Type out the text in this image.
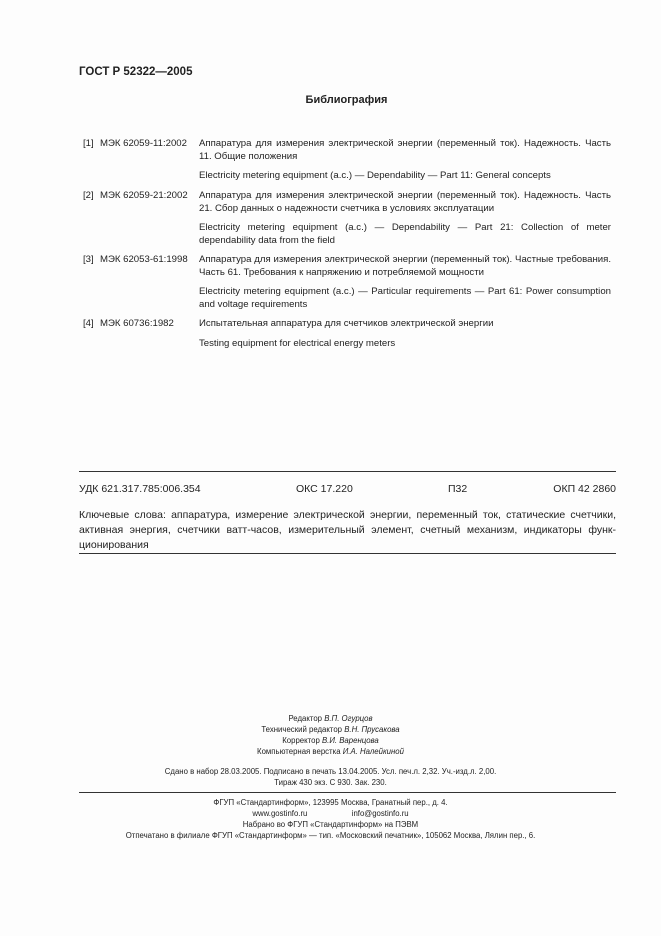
ГОСТ Р 52322—2005
Библиография
[1] МЭК 62059-11:2002 Аппаратура для измерения электрической энергии (переменный ток). Надежность. Часть 11. Общие положения
Electricity metering equipment (a.c.) — Dependability — Part 11: General concepts
[2] МЭК 62059-21:2002 Аппаратура для измерения электрической энергии (переменный ток). Надежность. Часть 21. Сбор данных о надежности счетчика в условиях эксплуатации
Electricity metering equipment (a.c.) — Dependability — Part 21: Collection of meter dependability data from the field
[3] МЭК 62053-61:1998 Аппаратура для измерения электрической энергии (переменный ток). Частные требования. Часть 61. Требования к напряжению и потребляемой мощности
Electricity metering equipment (a.c.) — Particular requirements — Part 61: Power consumption and voltage requirements
[4] МЭК 60736:1982	Испытательная аппаратура для счетчиков электрической энергии
Testing equipment for electrical energy meters
УДК 621.317.785:006.354	ОКС 17.220	П32	ОКП 42 2860
Ключевые слова: аппаратура, измерение электрической энергии, переменный ток, статические счетчики, активная энергия, счетчики ватт-часов, измерительный элемент, счетный механизм, индикаторы функ-ционирования
Редактор В.П. Огурцов
Технический редактор В.Н. Прусакова
Корректор В.И. Варенцова
Компьютерная верстка И.А. Налейкиной
Сдано в набор 28.03.2005. Подписано в печать 13.04.2005. Усл. печ.л. 2,32. Уч.-изд.л. 2,00.
Тираж 430 экз. С 930. Зак. 230.
ФГУП «Стандартинформ», 123995 Москва, Гранатный пер., д. 4.
www.gostinfo.ru	info@gostinfo.ru
Набрано во ФГУП «Стандартинформ» на ПЭВМ
Отпечатано в филиале ФГУП «Стандартинформ» — тип. «Московский печатник», 105062 Москва, Лялин пер., 6.
